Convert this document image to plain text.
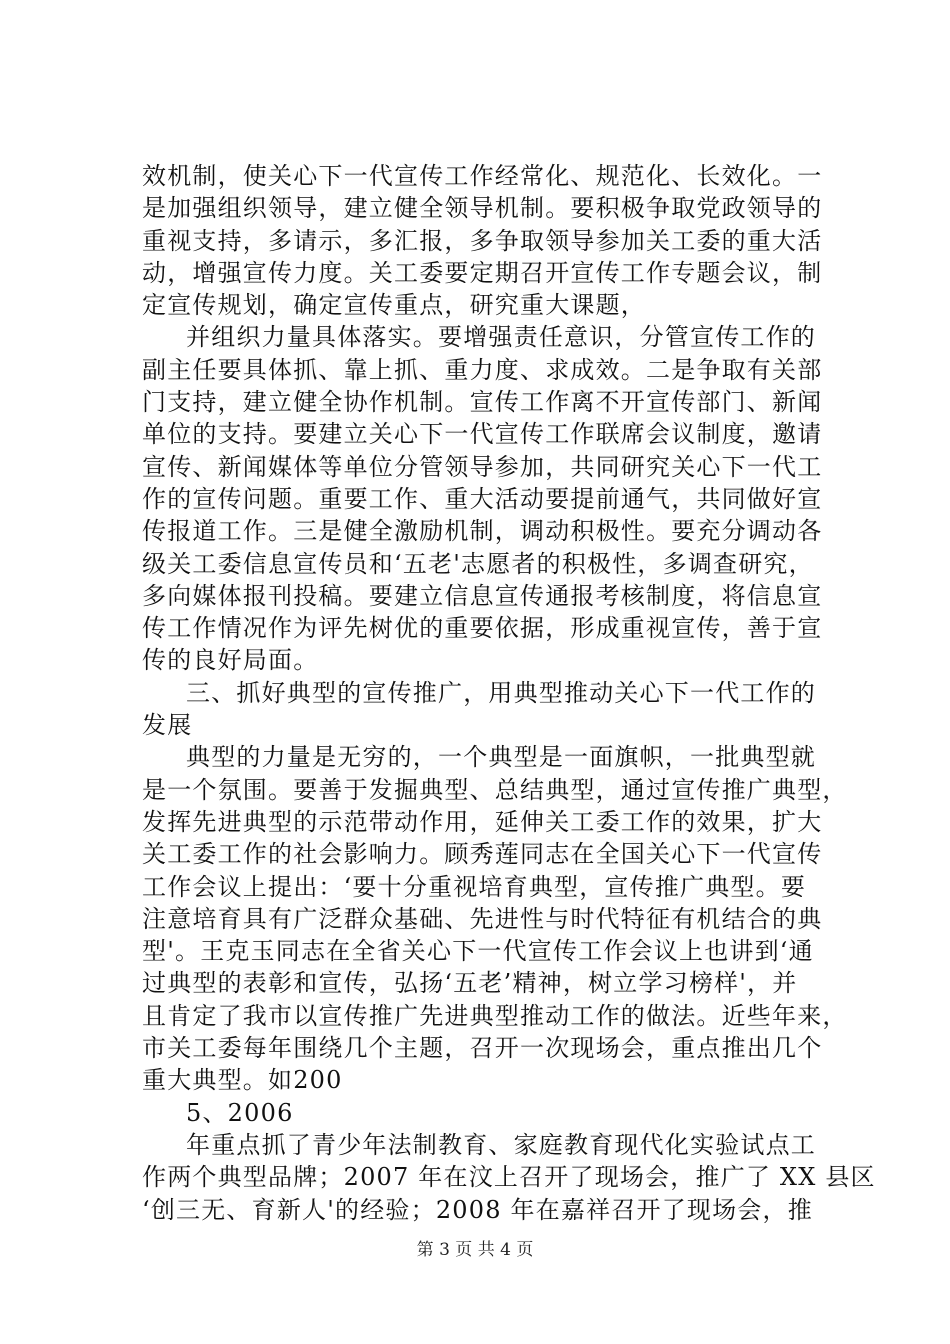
效机制，使关心下一代宣传工作经常化、规范化、长效化。一
是加强组织领导，建立健全领导机制。要积极争取党政领导的
重视支持，多请示，多汇报，多争取领导参加关工委的重大活
动，增强宣传力度。关工委要定期召开宣传工作专题会议，制
定宣传规划，确定宣传重点，研究重大课题，
并组织力量具体落实。要增强责任意识，分管宣传工作的
副主任要具体抓、靠上抓、重力度、求成效。二是争取有关部
门支持，建立健全协作机制。宣传工作离不开宣传部门、新闻
单位的支持。要建立关心下一代宣传工作联席会议制度，邀请
宣传、新闻媒体等单位分管领导参加，共同研究关心下一代工
作的宣传问题。重要工作、重大活动要提前通气，共同做好宣
传报道工作。三是健全激励机制，调动积极性。要充分调动各
级关工委信息宣传员和‘五老'志愿者的积极性，多调查研究，
多向媒体报刊投稿。要建立信息宣传通报考核制度，将信息宣
传工作情况作为评先树优的重要依据，形成重视宣传，善于宣
传的良好局面。
三、抓好典型的宣传推广，用典型推动关心下一代工作的
发展
典型的力量是无穷的，一个典型是一面旗帜，一批典型就
是一个氛围。要善于发掘典型、总结典型，通过宣传推广典型，
发挥先进典型的示范带动作用，延伸关工委工作的效果，扩大
关工委工作的社会影响力。顾秀莲同志在全国关心下一代宣传
工作会议上提出：‘要十分重视培育典型，宣传推广典型。要
注意培育具有广泛群众基础、先进性与时代特征有机结合的典
型'。王克玉同志在全省关心下一代宣传工作会议上也讲到‘通
过典型的表彰和宣传，弘扬‘五老’精神，树立学习榜样'，并
且肯定了我市以宣传推广先进典型推动工作的做法。近些年来，
市关工委每年围绕几个主题，召开一次现场会，重点推出几个
重大典型。如200
5、2006
年重点抓了青少年法制教育、家庭教育现代化实验试点工
作两个典型品牌；2007 年在汶上召开了现场会，推广了 XX 县区
‘创三无、育新人'的经验；2008 年在嘉祥召开了现场会，推
第 3 页 共 4 页
